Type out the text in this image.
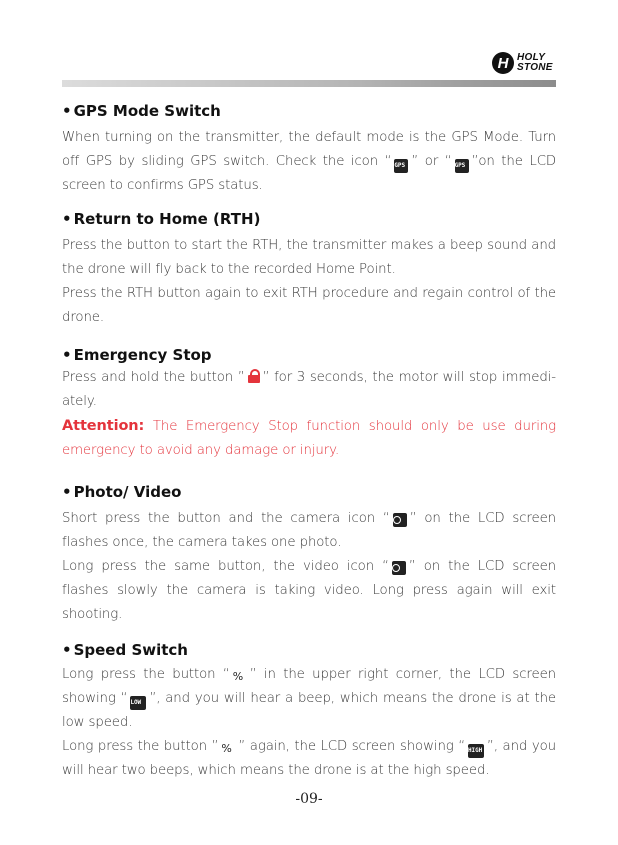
H HOLY
STONE
• GPS Mode Switch

When turning on the transmitter, the default mode is the GPS Mode. Turn off GPS by sliding GPS switch. Check the icon “ GPS ” or “ GPS ”on the LCD screen to confirms GPS status.

• Return to Home (RTH)

Press the button to start the RTH, the transmitter makes a beep sound and the drone will fly back to the recorded Home Point.

Press the RTH button again to exit RTH procedure and regain control of the drone.

• Emergency Stop

Press and hold the button ” ” for 3 seconds, the motor will stop immedi-ately.

Attention: The Emergency Stop function should only be use during emergency to avoid any damage or injury.

• Photo/ Video

Short press the button and the camera icon “ ” on the LCD screen flashes once, the camera takes one photo.

Long press the same button, the video icon “ ” on the LCD screen flashes slowly the camera is taking video. Long press again will exit shooting.

• Speed Switch

Long press the button “ % ” in the upper right corner, the LCD screen showing “ LOW ”, and you will hear a beep, which means the drone is at the low speed.

Long press the button ” % ” again, the LCD screen showing “ HIGH ”, and you will hear two beeps, which means the drone is at the high speed.

-09-
